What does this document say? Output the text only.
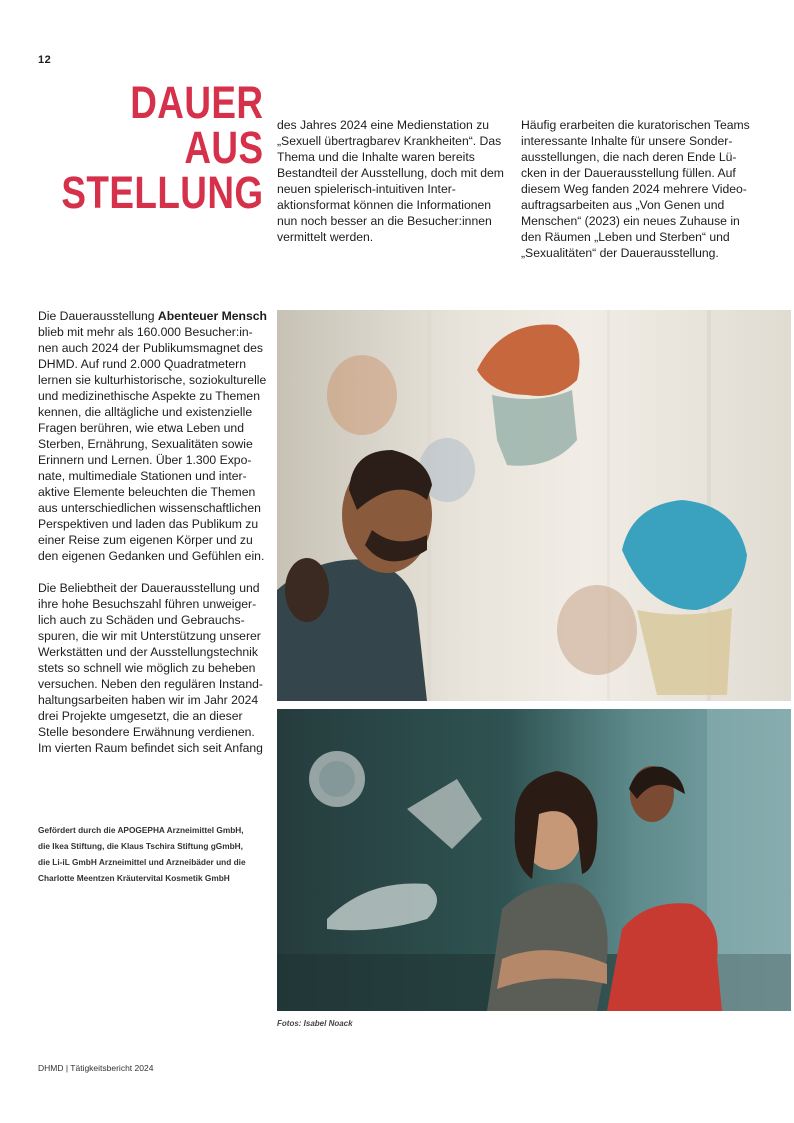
12
DAUER
AUS
STELLUNG

des Jahres 2024 eine Medienstation zu „Sexuell übertragbarev Krankheiten“. Das Thema und die Inhalte waren bereits Bestandteil der Ausstellung, doch mit dem neuen spielerisch-intuitiven Inter-aktionsformat können die Informationen nun noch besser an die Besucher:innen vermittelt werden.

Häufig erarbeiten die kuratorischen Teams interessante Inhalte für unsere Sonder-ausstellungen, die nach deren Ende Lü-cken in der Dauerausstellung füllen. Auf diesem Weg fanden 2024 mehrere Video-auftragsarbeiten aus „Von Genen und Menschen“ (2023) ein neues Zuhause in den Räumen „Leben und Sterben“ und „Sexualitäten“ der Dauerausstellung.

Die Dauerausstellung Abenteuer Mensch blieb mit mehr als 160.000 Besucher:in-nen auch 2024 der Publikumsmagnet des DHMD. Auf rund 2.000 Quadratmetern lernen sie kulturhistorische, soziokulturelle und medizinethische Aspekte zu Themen kennen, die alltägliche und existenzielle Fragen berühren, wie etwa Leben und Sterben, Ernährung, Sexualitäten sowie Erinnern und Lernen. Über 1.300 Expo-nate, multimediale Stationen und inter-aktive Elemente beleuchten die Themen aus unterschiedlichen wissenschaftlichen Perspektiven und laden das Publikum zu einer Reise zum eigenen Körper und zu den eigenen Gedanken und Gefühlen ein.

Die Beliebtheit der Dauerausstellung und ihre hohe Besuchszahl führen unweiger-lich auch zu Schäden und Gebrauchs-spuren, die wir mit Unterstützung unserer Werkstätten und der Ausstellungstechnik stets so schnell wie möglich zu beheben versuchen. Neben den regulären Instand-haltungsarbeiten haben wir im Jahr 2024 drei Projekte umgesetzt, die an dieser Stelle besondere Erwähnung verdienen. Im vierten Raum befindet sich seit Anfang

Gefördert durch die APOGEPHA Arzneimittel GmbH,
die Ikea Stiftung, die Klaus Tschira Stiftung gGmbH,
die Li-iL GmbH Arzneimittel und Arzneibäder und die
Charlotte Meentzen Kräutervital Kosmetik GmbH
Fotos: Isabel Noack
DHMD | Tätigkeitsbericht 2024
